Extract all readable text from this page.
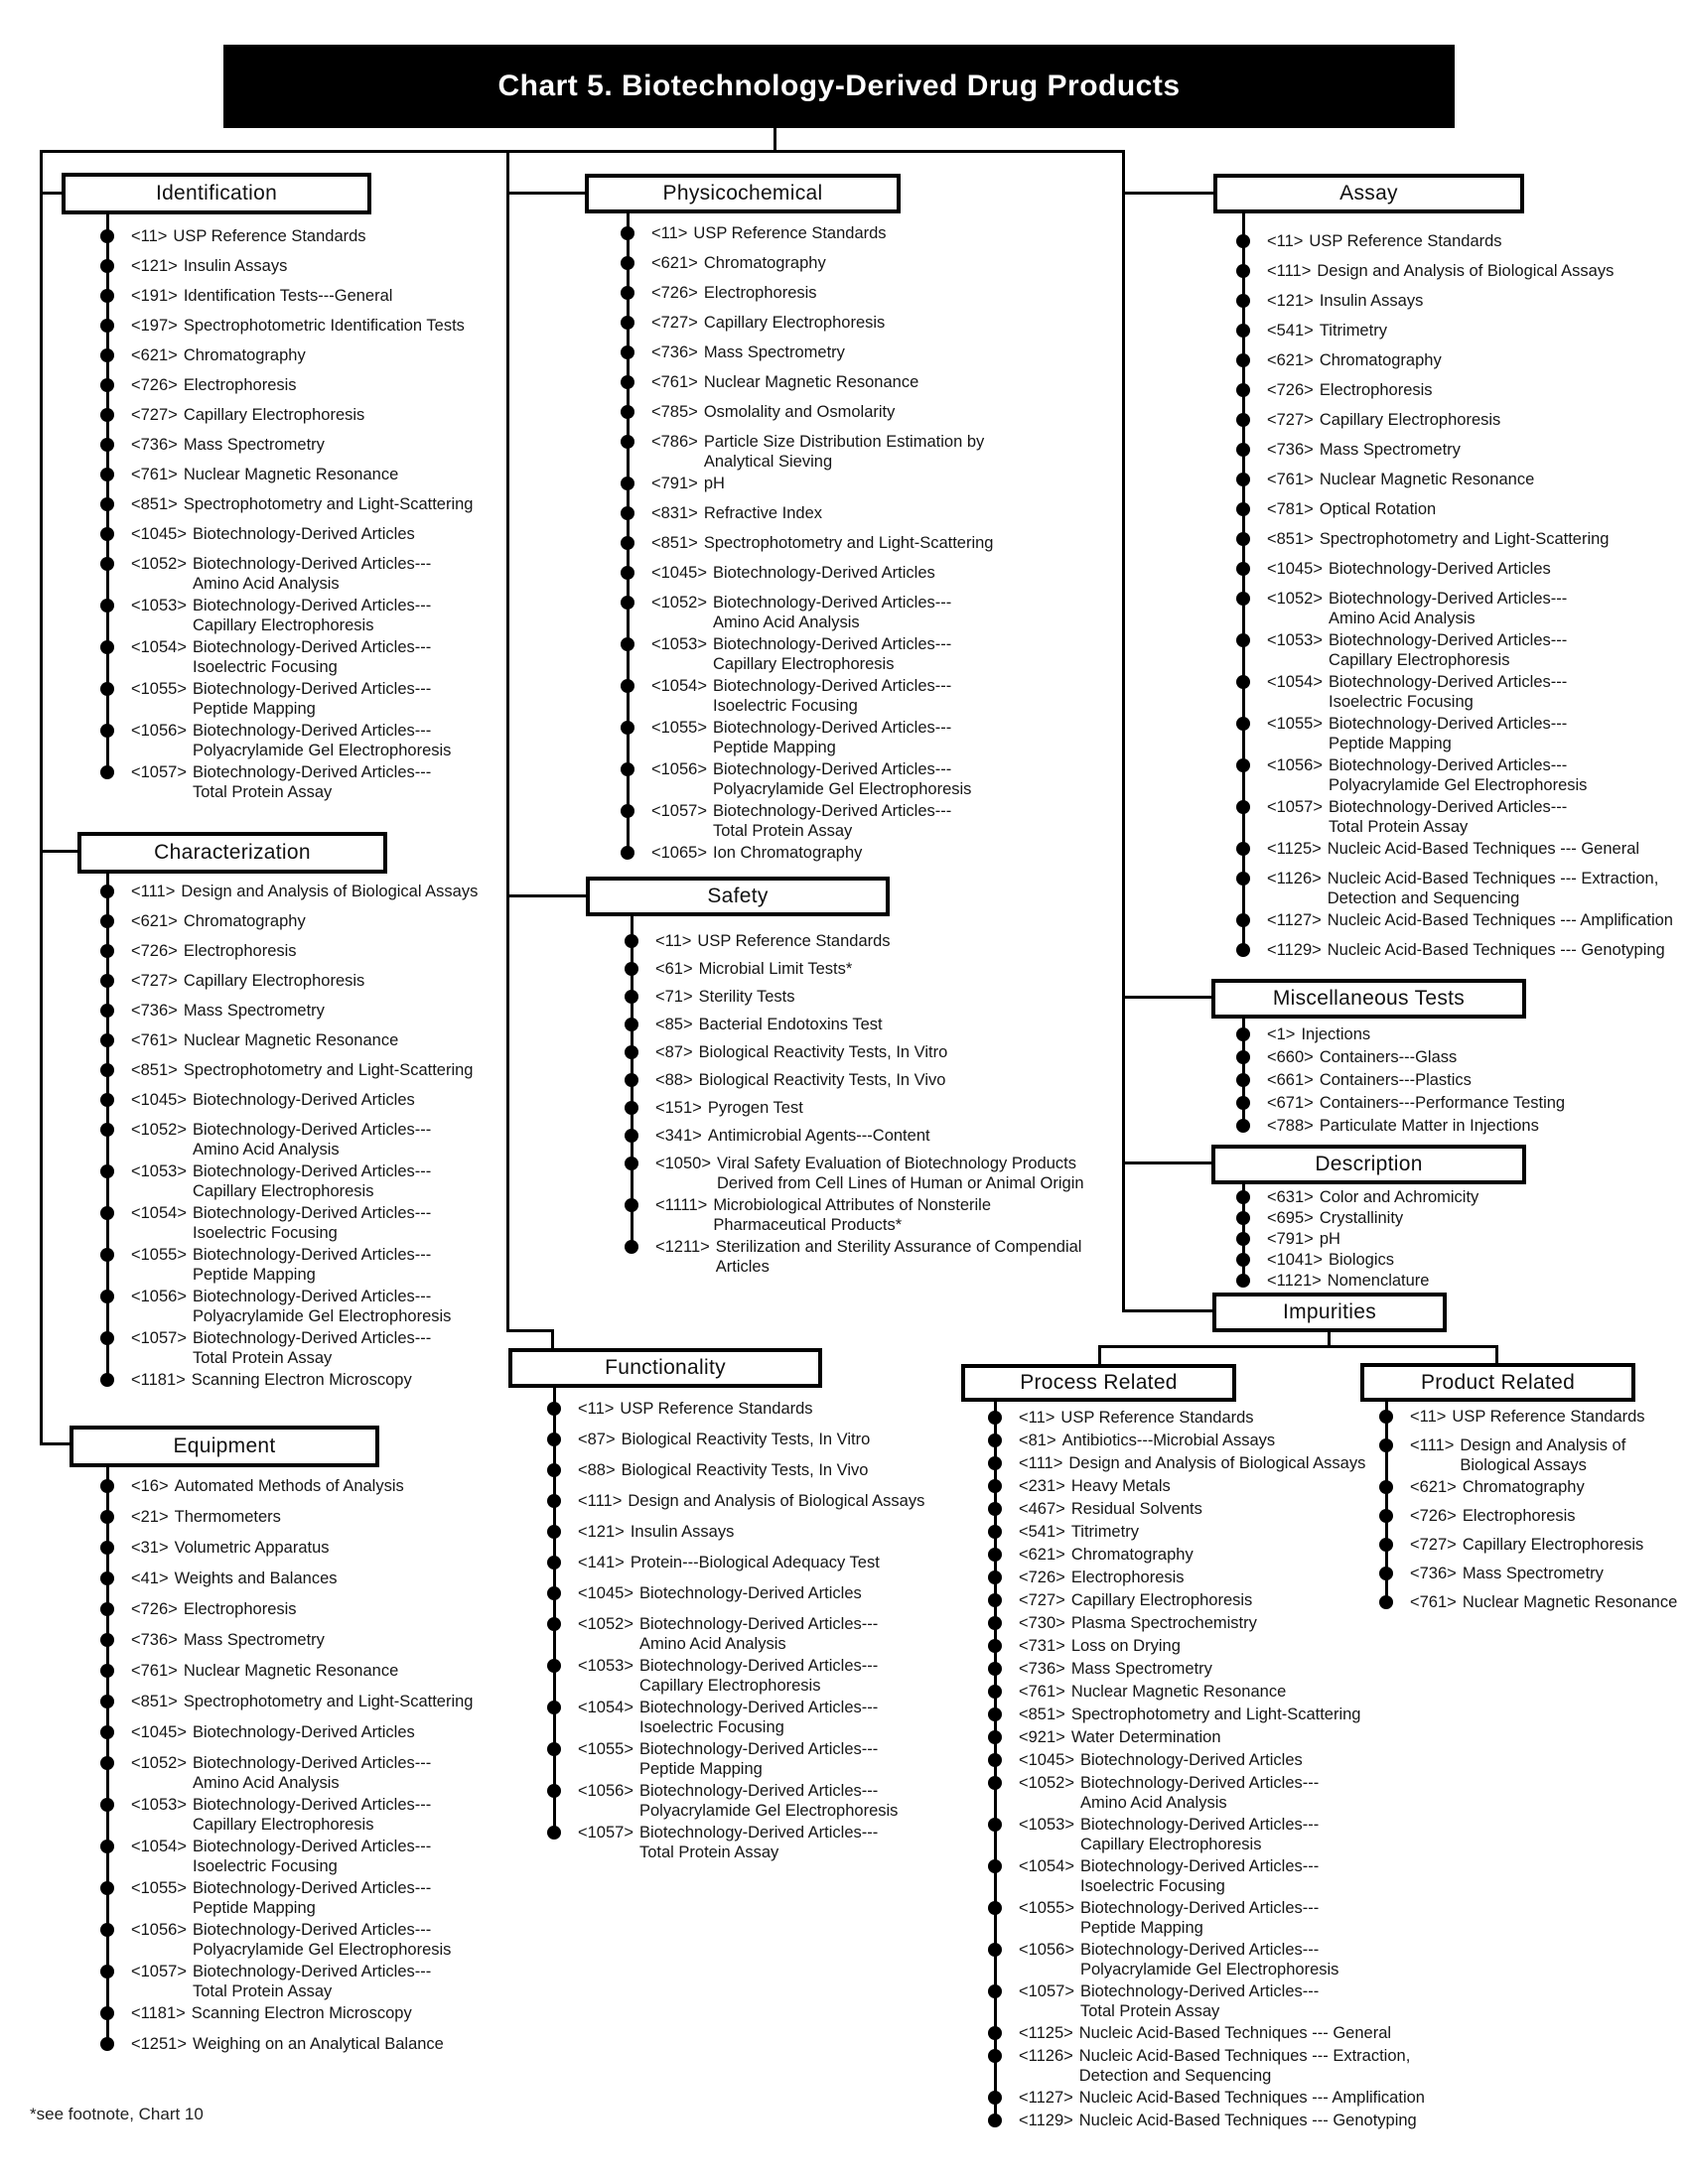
Chart 5. Biotechnology-Derived Drug Products
Identification
<11> USP Reference Standards
<121> Insulin Assays
<191> Identification Tests---General
<197> Spectrophotometric Identification Tests
<621> Chromatography
<726> Electrophoresis
<727> Capillary Electrophoresis
<736> Mass Spectrometry
<761> Nuclear Magnetic Resonance
<851> Spectrophotometry and Light-Scattering
<1045> Biotechnology-Derived Articles
<1052> Biotechnology-Derived Articles---
Amino Acid Analysis
<1053> Biotechnology-Derived Articles---
Capillary Electrophoresis
<1054> Biotechnology-Derived Articles---
Isoelectric Focusing
<1055> Biotechnology-Derived Articles---
Peptide Mapping
<1056> Biotechnology-Derived Articles---
Polyacrylamide Gel Electrophoresis
<1057> Biotechnology-Derived Articles---
Total Protein Assay
Physicochemical
<11> USP Reference Standards
<621> Chromatography
<726> Electrophoresis
<727> Capillary Electrophoresis
<736> Mass Spectrometry
<761> Nuclear Magnetic Resonance
<785> Osmolality and Osmolarity
<786> Particle Size Distribution Estimation by
Analytical Sieving
<791> pH
<831> Refractive Index
<851> Spectrophotometry and Light-Scattering
<1045> Biotechnology-Derived Articles
<1052> Biotechnology-Derived Articles---
Amino Acid Analysis
<1053> Biotechnology-Derived Articles---
Capillary Electrophoresis
<1054> Biotechnology-Derived Articles---
Isoelectric Focusing
<1055> Biotechnology-Derived Articles---
Peptide Mapping
<1056> Biotechnology-Derived Articles---
Polyacrylamide Gel Electrophoresis
<1057> Biotechnology-Derived Articles---
Total Protein Assay
<1065> Ion Chromatography
Assay
<11> USP Reference Standards
<111> Design and Analysis of Biological Assays
<121> Insulin Assays
<541> Titrimetry
<621> Chromatography
<726> Electrophoresis
<727> Capillary Electrophoresis
<736> Mass Spectrometry
<761> Nuclear Magnetic Resonance
<781> Optical Rotation
<851> Spectrophotometry and Light-Scattering
<1045> Biotechnology-Derived Articles
<1052> Biotechnology-Derived Articles---
Amino Acid Analysis
<1053> Biotechnology-Derived Articles---
Capillary Electrophoresis
<1054> Biotechnology-Derived Articles---
Isoelectric Focusing
<1055> Biotechnology-Derived Articles---
Peptide Mapping
<1056> Biotechnology-Derived Articles---
Polyacrylamide Gel Electrophoresis
<1057> Biotechnology-Derived Articles---
Total Protein Assay
<1125> Nucleic Acid-Based Techniques --- General
<1126> Nucleic Acid-Based Techniques --- Extraction,
Detection and Sequencing
<1127> Nucleic Acid-Based Techniques --- Amplification
<1129> Nucleic Acid-Based Techniques --- Genotyping
Characterization
<111> Design and Analysis of Biological Assays
<621> Chromatography
<726> Electrophoresis
<727> Capillary Electrophoresis
<736> Mass Spectrometry
<761> Nuclear Magnetic Resonance
<851> Spectrophotometry and Light-Scattering
<1045> Biotechnology-Derived Articles
<1052> Biotechnology-Derived Articles---
Amino Acid Analysis
<1053> Biotechnology-Derived Articles---
Capillary Electrophoresis
<1054> Biotechnology-Derived Articles---
Isoelectric Focusing
<1055> Biotechnology-Derived Articles---
Peptide Mapping
<1056> Biotechnology-Derived Articles---
Polyacrylamide Gel Electrophoresis
<1057> Biotechnology-Derived Articles---
Total Protein Assay
<1181> Scanning Electron Microscopy
Safety
<11> USP Reference Standards
<61> Microbial Limit Tests*
<71> Sterility Tests
<85> Bacterial Endotoxins Test
<87> Biological Reactivity Tests, In Vitro
<88> Biological Reactivity Tests, In Vivo
<151> Pyrogen Test
<341> Antimicrobial Agents---Content
<1050> Viral Safety Evaluation of Biotechnology Products
Derived from Cell Lines of Human or Animal Origin
<1111> Microbiological Attributes of Nonsterile
Pharmaceutical Products*
<1211> Sterilization and Sterility Assurance of Compendial
Articles
Miscellaneous Tests
<1> Injections
<660> Containers---Glass
<661> Containers---Plastics
<671> Containers---Performance Testing
<788> Particulate Matter in Injections
Description
<631> Color and Achromicity
<695> Crystallinity
<791> pH
<1041> Biologics
<1121> Nomenclature
Impurities
Equipment
<16> Automated Methods of Analysis
<21> Thermometers
<31> Volumetric Apparatus
<41> Weights and Balances
<726> Electrophoresis
<736> Mass Spectrometry
<761> Nuclear Magnetic Resonance
<851> Spectrophotometry and Light-Scattering
<1045> Biotechnology-Derived Articles
<1052> Biotechnology-Derived Articles---
Amino Acid Analysis
<1053> Biotechnology-Derived Articles---
Capillary Electrophoresis
<1054> Biotechnology-Derived Articles---
Isoelectric Focusing
<1055> Biotechnology-Derived Articles---
Peptide Mapping
<1056> Biotechnology-Derived Articles---
Polyacrylamide Gel Electrophoresis
<1057> Biotechnology-Derived Articles---
Total Protein Assay
<1181> Scanning Electron Microscopy
<1251> Weighing on an Analytical Balance
Functionality
<11> USP Reference Standards
<87> Biological Reactivity Tests, In Vitro
<88> Biological Reactivity Tests, In Vivo
<111> Design and Analysis of Biological Assays
<121> Insulin Assays
<141> Protein---Biological Adequacy Test
<1045> Biotechnology-Derived Articles
<1052> Biotechnology-Derived Articles---
Amino Acid Analysis
<1053> Biotechnology-Derived Articles---
Capillary Electrophoresis
<1054> Biotechnology-Derived Articles---
Isoelectric Focusing
<1055> Biotechnology-Derived Articles---
Peptide Mapping
<1056> Biotechnology-Derived Articles---
Polyacrylamide Gel Electrophoresis
<1057> Biotechnology-Derived Articles---
Total Protein Assay
Process Related
<11> USP Reference Standards
<81> Antibiotics---Microbial Assays
<111> Design and Analysis of Biological Assays
<231> Heavy Metals
<467> Residual Solvents
<541> Titrimetry
<621> Chromatography
<726> Electrophoresis
<727> Capillary Electrophoresis
<730> Plasma Spectrochemistry
<731> Loss on Drying
<736> Mass Spectrometry
<761> Nuclear Magnetic Resonance
<851> Spectrophotometry and Light-Scattering
<921> Water Determination
<1045> Biotechnology-Derived Articles
<1052> Biotechnology-Derived Articles---
Amino Acid Analysis
<1053> Biotechnology-Derived Articles---
Capillary Electrophoresis
<1054> Biotechnology-Derived Articles---
Isoelectric Focusing
<1055> Biotechnology-Derived Articles---
Peptide Mapping
<1056> Biotechnology-Derived Articles---
Polyacrylamide Gel Electrophoresis
<1057> Biotechnology-Derived Articles---
Total Protein Assay
<1125> Nucleic Acid-Based Techniques --- General
<1126> Nucleic Acid-Based Techniques --- Extraction,
Detection and Sequencing
<1127> Nucleic Acid-Based Techniques --- Amplification
<1129> Nucleic Acid-Based Techniques --- Genotyping
Product Related
<11> USP Reference Standards
<111> Design and Analysis of
Biological Assays
<621> Chromatography
<726> Electrophoresis
<727> Capillary Electrophoresis
<736> Mass Spectrometry
<761> Nuclear Magnetic Resonance
*see footnote, Chart 10
